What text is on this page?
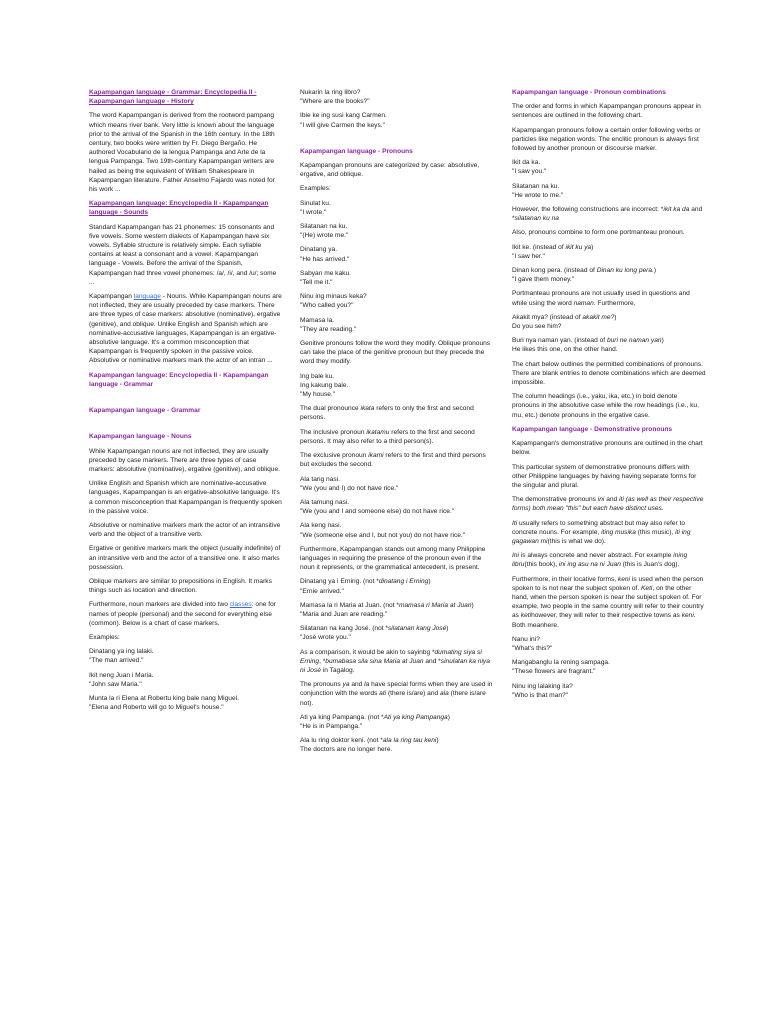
Kapampangan language - Grammar: Encyclopedia II - Kapampangan language - History

The word Kapampangan is derived from the rootword pampang which means river bank. Very little is known about the language prior to the arrival of the Spanish in the 16th century. In the 18th century, two books were written by Fr. Diego Bergaño. He authored Vocabulario de la lengua Pampanga and Arte de la lengua Pampanga. Two 19th-century Kapampangan writers are hailed as being the equivalent of William Shakespeare in Kapampangan literature. Father Anselmo Fajardo was noted for his work ...

Kapampangan language: Encyclopedia II - Kapampangan language - Sounds

Standard Kapampangan has 21 phonemes: 15 consonants and five vowels. Some western dialects of Kapampangan have six vowels. Syllable structure is relatively simple. Each syllable contains at least a consonant and a vowel. Kapampangan language - Vowels. Before the arrival of the Spanish, Kapampangan had three vowel phonemes: /a/, /i/, and /u/; some ...

Kapampangan language - Nouns. While Kapampangan nouns are not inflected, they are usually preceded by case markers. There are three types of case markers: absolutive (nominative), ergative (genitive), and oblique. Unlike English and Spanish which are nominative-accusative languages, Kapampangan is an ergative-absolutive language. It's a common misconception that Kapampangan is frequently spoken in the passive voice. Absolutive or nominative markers mark the actor of an intran ...

Kapampangan language: Encyclopedia II - Kapampangan language - Grammar

Kapampangan language - Grammar

Kapampangan language - Nouns

While Kapampangan nouns are not inflected, they are usually preceded by case markers. There are three types of case markers: absolutive (nominative), ergative (genitive), and oblique.

Unlike English and Spanish which are nominative-accusative languages, Kapampangan is an ergative-absolutive language. It's a common misconception that Kapampangan is frequently spoken in the passive voice.

Absolutive or nominative markers mark the actor of an intransitive verb and the object of a transitive verb.

Ergative or genitive markers mark the object (usually indefinite) of an intransitive verb and the actor of a transitive one. It also marks possession.

Oblique markers are similar to prepositions in English. It marks things such as location and direction.

Furthermore, noun markers are divided into two classes: one for names of people (personal) and the second for everything else (common). Below is a chart of case markers.

Examples:

Dinatang ya ing lalaki.
"The man arrived."

Ikit neng Juan i Maria.
"John saw Maria."

Munta la ri Elena at Robertu king bale nang Miguel.
"Elena and Roberto will go to Miguel's house."

Nukarin la ring libro?
"Where are the books?"

Ibie ke ing susi kang Carmen.
"I will give Carmen the keys."

Kapampangan language - Pronouns

Kapampangan pronouns are categorized by case: absolutive, ergative, and oblique.

Examples:

Sinulat ku.
"I wrote."

Silatanan na ku.
"(He) wrote me."

Dinatang ya.
"He has arrived."

Sabyan me kaku.
"Tell me it."

Ninu ing minaus keka?
"Who called you?"

Mamasa la.
"They are reading."

Genitive pronouns follow the word they modify. Oblique pronouns can take the place of the genitive pronoun but they precede the word they modify.

Ing bale ku.
Ing kakung bale.
"My house."

The dual pronounce ikata refers to only the first and second persons.

The inclusive pronoun ikatamu refers to the first and second persons. It may also refer to a third person(s).

The exclusive pronoun ikami refers to the first and third persons but excludes the second.

Ala tang nasi.
"We (you and I) do not have rice."

Ala tamung nasi.
"We (you and I and someone else) do not have rice."

Ala keng nasi.
"We (someone else and I, but not you) do not have rice."

Furthermore, Kapampangan stands out among many Philippine languages in requiring the presence of the pronoun even if the noun it represents, or the grammatical antecedent, is present.

Dinatang ya i Erning. (not *dinatang i Erning)
"Ernie arrived."

Mamasa la ri Maria at Juan. (not *mamasa ri Maria at Juan)
"Maria and Juan are reading."

Silatanan na kang José. (not *silatanan kang José)
"José wrote you."

As a comparison, it would be akin to sayinbg *dumating siya si Erning, *bumabasa sila sina Maria at Juan and *sinulatan ka niya ni José in Tagalog.

The pronouns ya and la have special forms when they are used in conjunction with the words ati (there is/are) and ala (there is/are not).

Ati ya king Pampanga. (not *Ati ya king Pampanga)
"He is in Pampanga."

Ala lu ring doktor keni. (not *ala la ring tau keni)
The doctors are no longer here.

Kapampangan language - Pronoun combinations

The order and forms in which Kapampangan pronouns appear in sentences are outlined in the following chart.

Kapampangan pronouns follow a certain order following verbs or particles like negation words. The enclitic pronoun is always first followed by another pronoun or discourse marker.

Ikit da ka.
"I saw you."

Silatanan na ku.
"He wrote to me."

However, the following constructions are incorrect: *ikit ka da and *silatanan ku na

Also, pronouns combine to form one portmanteau pronoun.

Ikit ke. (instead of ikit ku ya)
"I saw her."

Dinan kong pera. (instead of Dinan ku long pera.)
"I gave them money."

Portmanteau pronouns are not usually used in questions and while using the word naman. Furthermore,

Akakit mya? (instead of akakit me?)
Do you see him?

Buri nya naman yan. (instead of buri ne naman yan)
He likes this one, on the other hand.

The chart below outlines the permitted combinations of pronouns. There are blank entries to denote combinations which are deemed impossible.

The column headings (i.e., yaku, ika, etc.) in bold denote pronouns in the absolutive case while the row headings (i.e., ku, mu, etc.) denote pronouns in the ergative case.

Kapampangan language - Demonstrative pronouns

Kapampangan's demonstrative pronouns are outlined in the chart below.

This particular system of demonstrative pronouns differs with other Philippine languages by having having separate forms for the singular and plural.

The demonstrative pronouns ini and iti (as well as their respective forms) both mean "this" but each have distinct uses.

Iti usually refers to something abstract but may also refer to concrete nouns. For example, iting musika (this music), iti ing gagawan mi(this is what we do).

Ini is always concrete and never abstract. For example ining libru(this book), ini ing asu na ni Juan (this is Juan's dog).

Furthermore, in their locative forms, keni is used when the person spoken to is not near the subject spoken of. Keti, on the other hand, when the person spoken is near the subject spoken of. For example, two people in the same country will refer to their country as ketihowever, they will refer to their respective towns as keni. Both meanhere.

Nanu ini?
"What's this?"

Mangabanglu la rening sampaga.
"These flowers are fragrant."

Ninu ing lalaking ita?
"Who is that man?"
